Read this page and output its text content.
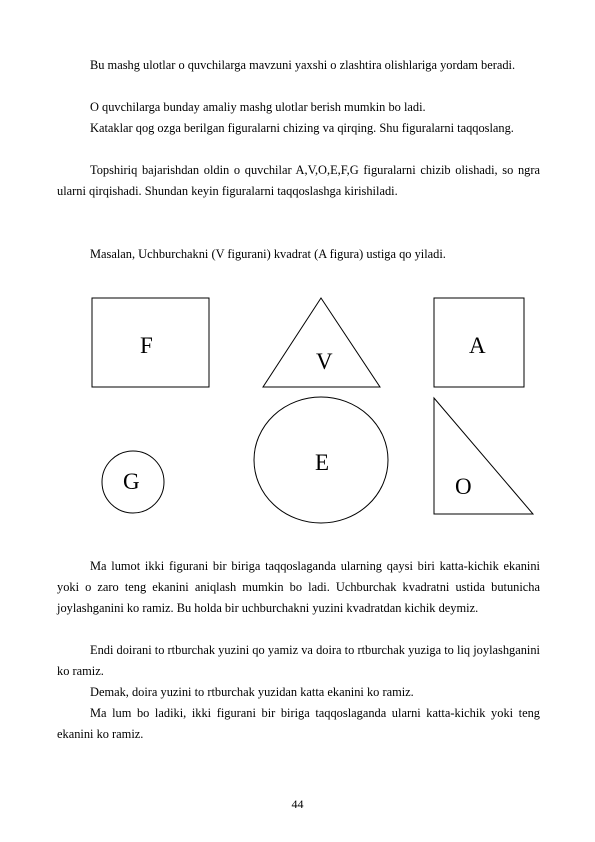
Bu mashg ulotlar o quvchilarga mavzuni yaxshi o zlashtira olishlariga yordam beradi.

O quvchilarga bunday amaliy mashg ulotlar berish mumkin bo ladi.

Kataklar qog ozga berilgan figuralarni chizing va qirqing. Shu figuralarni taqqoslang.

Topshiriq bajarishdan oldin o quvchilar A,V,O,E,F,G figuralarni chizib olishadi, so ngra ularni qirqishadi. Shundan keyin figuralarni taqqoslashga kirishiladi.

Masalan, Uchburchakni (V figurani) kvadrat (A figura) ustiga qo yiladi.

F
V
A
G
E
O

Ma lumot ikki figurani bir biriga taqqoslaganda ularning qaysi biri katta-kichik ekanini yoki o zaro teng ekanini aniqlash mumkin bo ladi. Uchburchak kvadratni ustida butunicha joylashganini ko ramiz. Bu holda bir uchburchakni yuzini kvadratdan kichik deymiz.

Endi doirani to rtburchak yuzini qo yamiz va doira to rtburchak yuziga to liq joylashganini ko ramiz.

Demak, doira yuzini to rtburchak yuzidan katta ekanini ko ramiz.

Ma lum bo ladiki, ikki figurani bir biriga taqqoslaganda ularni katta-kichik yoki teng ekanini ko ramiz.

44
